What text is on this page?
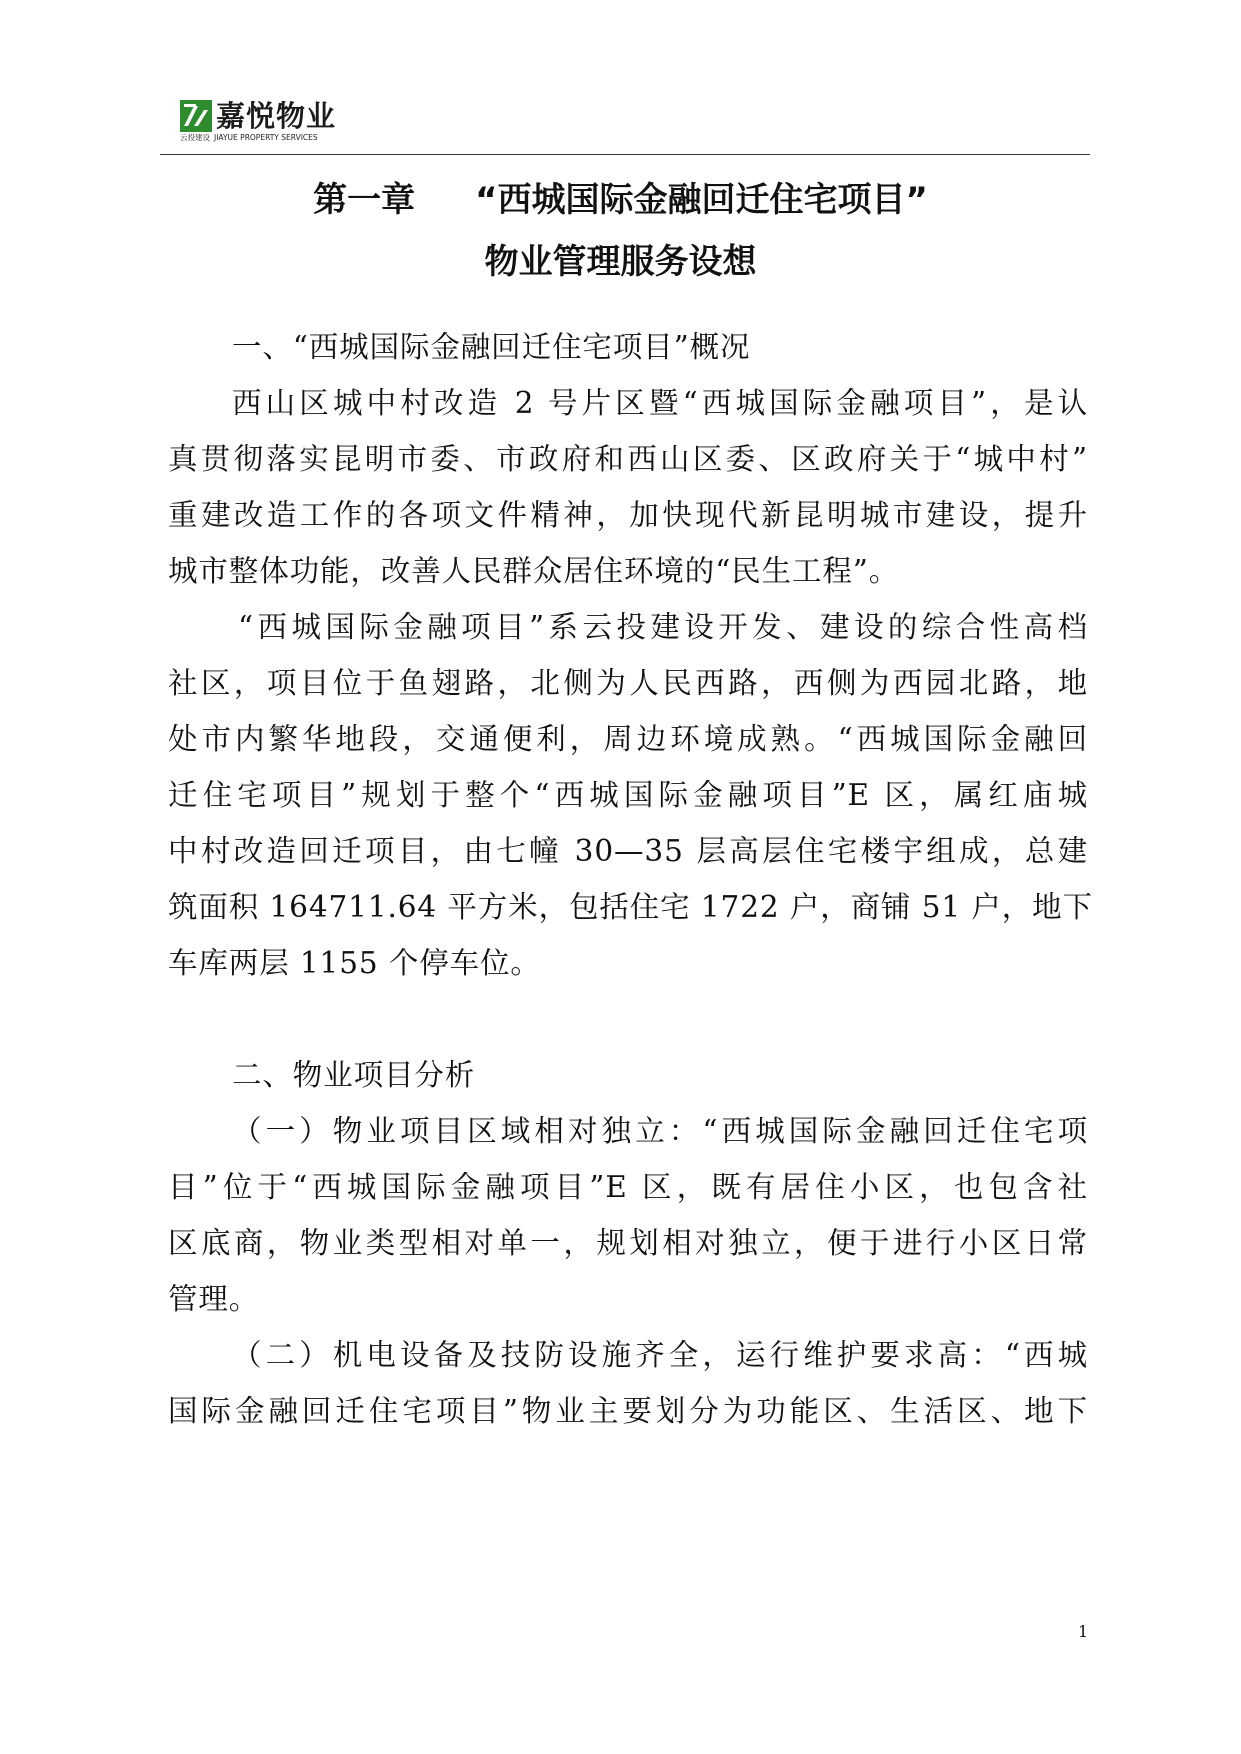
嘉悦物业
云投建设 JIAYUE PROPERTY SERVICES
第一章 “西城国际金融回迁住宅项目”
物业管理服务设想
一、“西城国际金融回迁住宅项目”概况
西山区城中村改造 2 号片区暨“西城国际金融项目”，是认
真贯彻落实昆明市委、市政府和西山区委、区政府关于“城中村”
重建改造工作的各项文件精神，加快现代新昆明城市建设，提升
城市整体功能，改善人民群众居住环境的“民生工程”。
“西城国际金融项目”系云投建设开发、建设的综合性高档
社区，项目位于鱼翅路，北侧为人民西路，西侧为西园北路，地
处市内繁华地段，交通便利，周边环境成熟。“西城国际金融回
迁住宅项目”规划于整个“西城国际金融项目”E 区，属红庙城
中村改造回迁项目，由七幢 30—35 层高层住宅楼宇组成，总建
筑面积 164711.64 平方米，包括住宅 1722 户，商铺 51 户，地下
车库两层 1155 个停车位。
二、物业项目分析
（一）物业项目区域相对独立：“西城国际金融回迁住宅项
目”位于“西城国际金融项目”E 区，既有居住小区，也包含社
区底商，物业类型相对单一，规划相对独立，便于进行小区日常
管理。
（二）机电设备及技防设施齐全，运行维护要求高：“西城
国际金融回迁住宅项目”物业主要划分为功能区、生活区、地下
1
